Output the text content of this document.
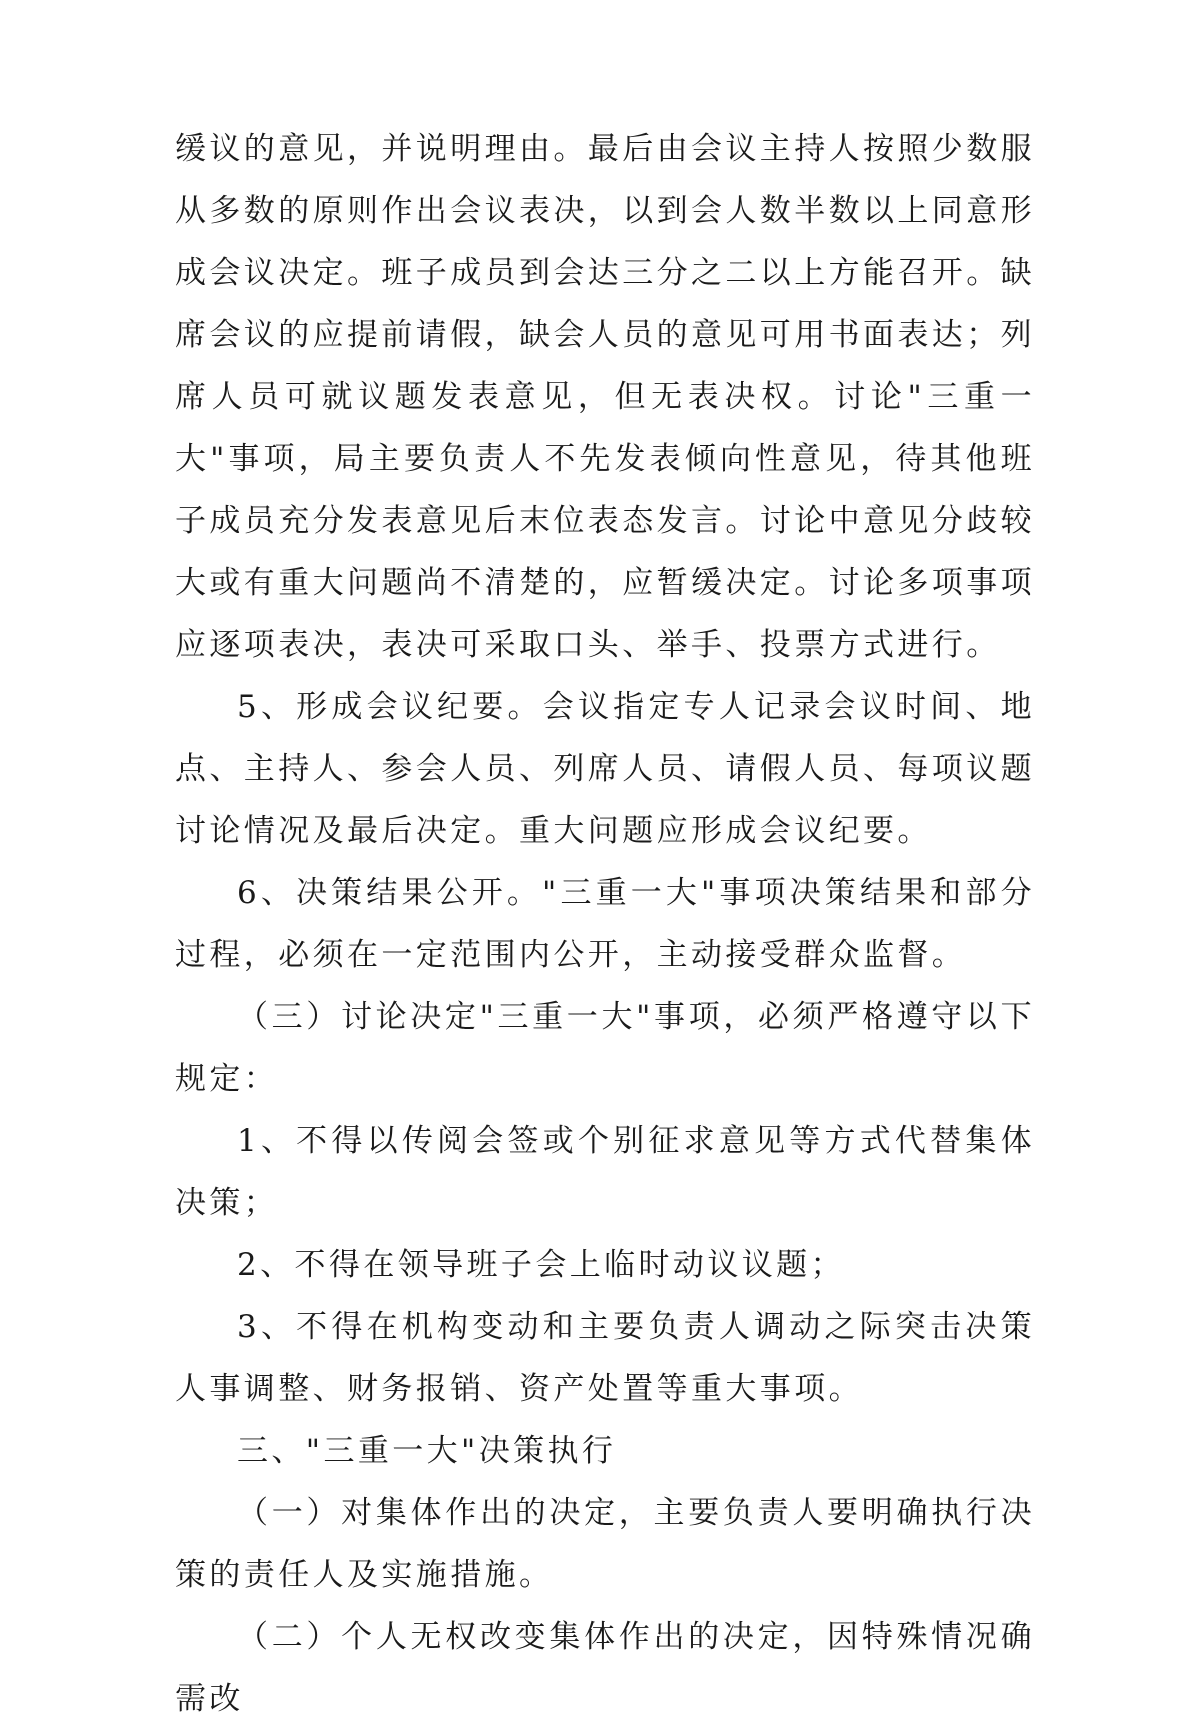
缓议的意见，并说明理由。最后由会议主持人按照少数服从多数的原则作出会议表决，以到会人数半数以上同意形成会议决定。班子成员到会达三分之二以上方能召开。缺席会议的应提前请假，缺会人员的意见可用书面表达；列席人员可就议题发表意见，但无表决权。讨论"三重一大"事项，局主要负责人不先发表倾向性意见，待其他班子成员充分发表意见后末位表态发言。讨论中意见分歧较大或有重大问题尚不清楚的，应暂缓决定。讨论多项事项应逐项表决，表决可采取口头、举手、投票方式进行。

5、形成会议纪要。会议指定专人记录会议时间、地点、主持人、参会人员、列席人员、请假人员、每项议题讨论情况及最后决定。重大问题应形成会议纪要。

6、决策结果公开。"三重一大"事项决策结果和部分过程，必须在一定范围内公开，主动接受群众监督。

（三）讨论决定"三重一大"事项，必须严格遵守以下规定：

1、不得以传阅会签或个别征求意见等方式代替集体决策；

2、不得在领导班子会上临时动议议题；

3、不得在机构变动和主要负责人调动之际突击决策人事调整、财务报销、资产处置等重大事项。

三、"三重一大"决策执行

（一）对集体作出的决定，主要负责人要明确执行决策的责任人及实施措施。

（二）个人无权改变集体作出的决定，因特殊情况确需改
